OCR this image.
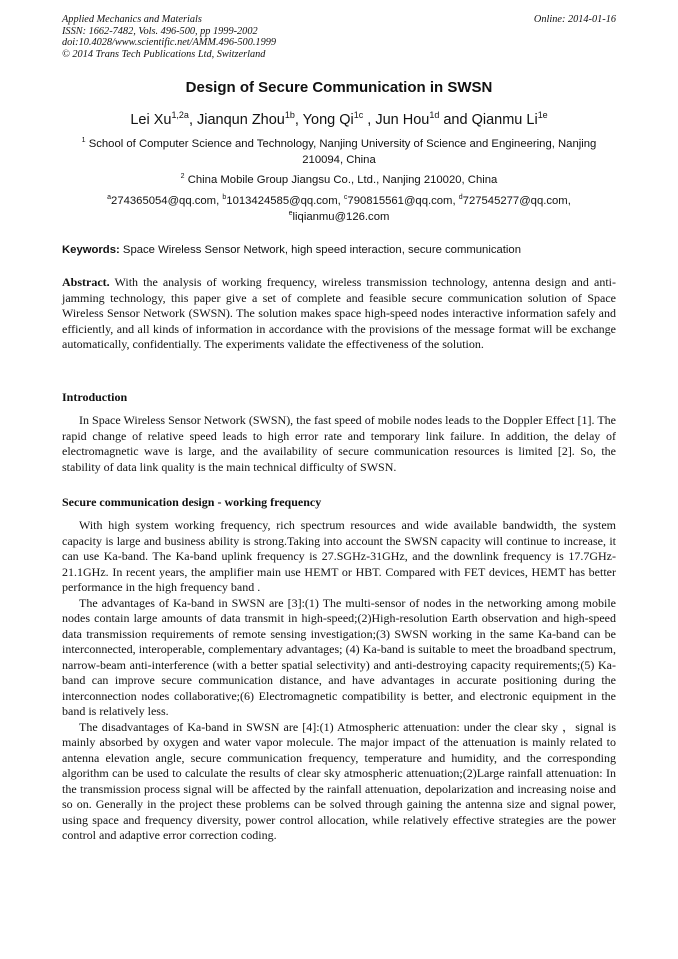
Applied Mechanics and Materials
ISSN: 1662-7482, Vols. 496-500, pp 1999-2002
doi:10.4028/www.scientific.net/AMM.496-500.1999
© 2014 Trans Tech Publications Ltd, Switzerland
Online: 2014-01-16
Design of Secure Communication in SWSN
Lei $Xu^{1,2a}$, Jianqun Zhou$^{1b}$, Yong $Qi^{1c}$ , Jun Hou$^{1d}$ and Qianmu $Li^{1e}$
$^1$ School of Computer Science and Technology, Nanjing University of Science and Engineering, Nanjing 210094, China
$^2$ China Mobile Group Jiangsu Co., Ltd., Nanjing 210020, China
$^a$274365054@qq.com, $^b$1013424585@qq.com, $^c$790815561@qq.com, $^d$727545277@qq.com, $^e$liqianmu@126.com
Keywords: Space Wireless Sensor Network, high speed interaction, secure communication

Abstract. With the analysis of working frequency, wireless transmission technology, antenna design and anti-jamming technology, this paper give a set of complete and feasible secure communication solution of Space Wireless Sensor Network (SWSN). The solution makes space high-speed nodes interactive information safely and efficiently, and all kinds of information in accordance with the provisions of the message format will be exchange automatically, confidentially. The experiments validate the effectiveness of the solution.

Introduction

In Space Wireless Sensor Network (SWSN), the fast speed of mobile nodes leads to the Doppler Effect [1]. The rapid change of relative speed leads to high error rate and temporary link failure. In addition, the delay of electromagnetic wave is large, and the availability of secure communication resources is limited [2]. So, the stability of data link quality is the main technical difficulty of SWSN.

Secure communication design - working frequency

With high system working frequency, rich spectrum resources and wide available bandwidth, the system capacity is large and business ability is strong.Taking into account the SWSN capacity will continue to increase, it can use Ka-band. The Ka-band uplink frequency is 27.SGHz-31GHz, and the downlink frequency is 17.7GHz-21.1GHz. In recent years, the amplifier main use HEMT or HBT. Compared with FET devices, HEMT has better performance in the high frequency band .

The advantages of Ka-band in SWSN are [3]:(1) The multi-sensor of nodes in the networking among mobile nodes contain large amounts of data transmit in high-speed;(2)High-resolution Earth observation and high-speed data transmission requirements of remote sensing investigation;(3) SWSN working in the same Ka-band can be interconnected, interoperable, complementary advantages; (4) Ka-band is suitable to meet the broadband spectrum, narrow-beam anti-interference (with a better spatial selectivity) and anti-destroying capacity requirements;(5) Ka-band can improve secure communication distance, and have advantages in accurate positioning during the interconnection nodes collaborative;(6) Electromagnetic compatibility is better, and electronic equipment in the band is relatively less.

The disadvantages of Ka-band in SWSN are [4]:(1) Atmospheric attenuation: under the clear sky ，signal is mainly absorbed by oxygen and water vapor molecule. The major impact of the attenuation is mainly related to antenna elevation angle, secure communication frequency, temperature and humidity, and the corresponding algorithm can be used to calculate the results of clear sky atmospheric attenuation;(2)Large rainfall attenuation: In the transmission process signal will be affected by the rainfall attenuation, depolarization and increasing noise and so on. Generally in the project these problems can be solved through gaining the antenna size and signal power, using space and frequency diversity, power control allocation, while relatively effective strategies are the power control and adaptive error correction coding.
